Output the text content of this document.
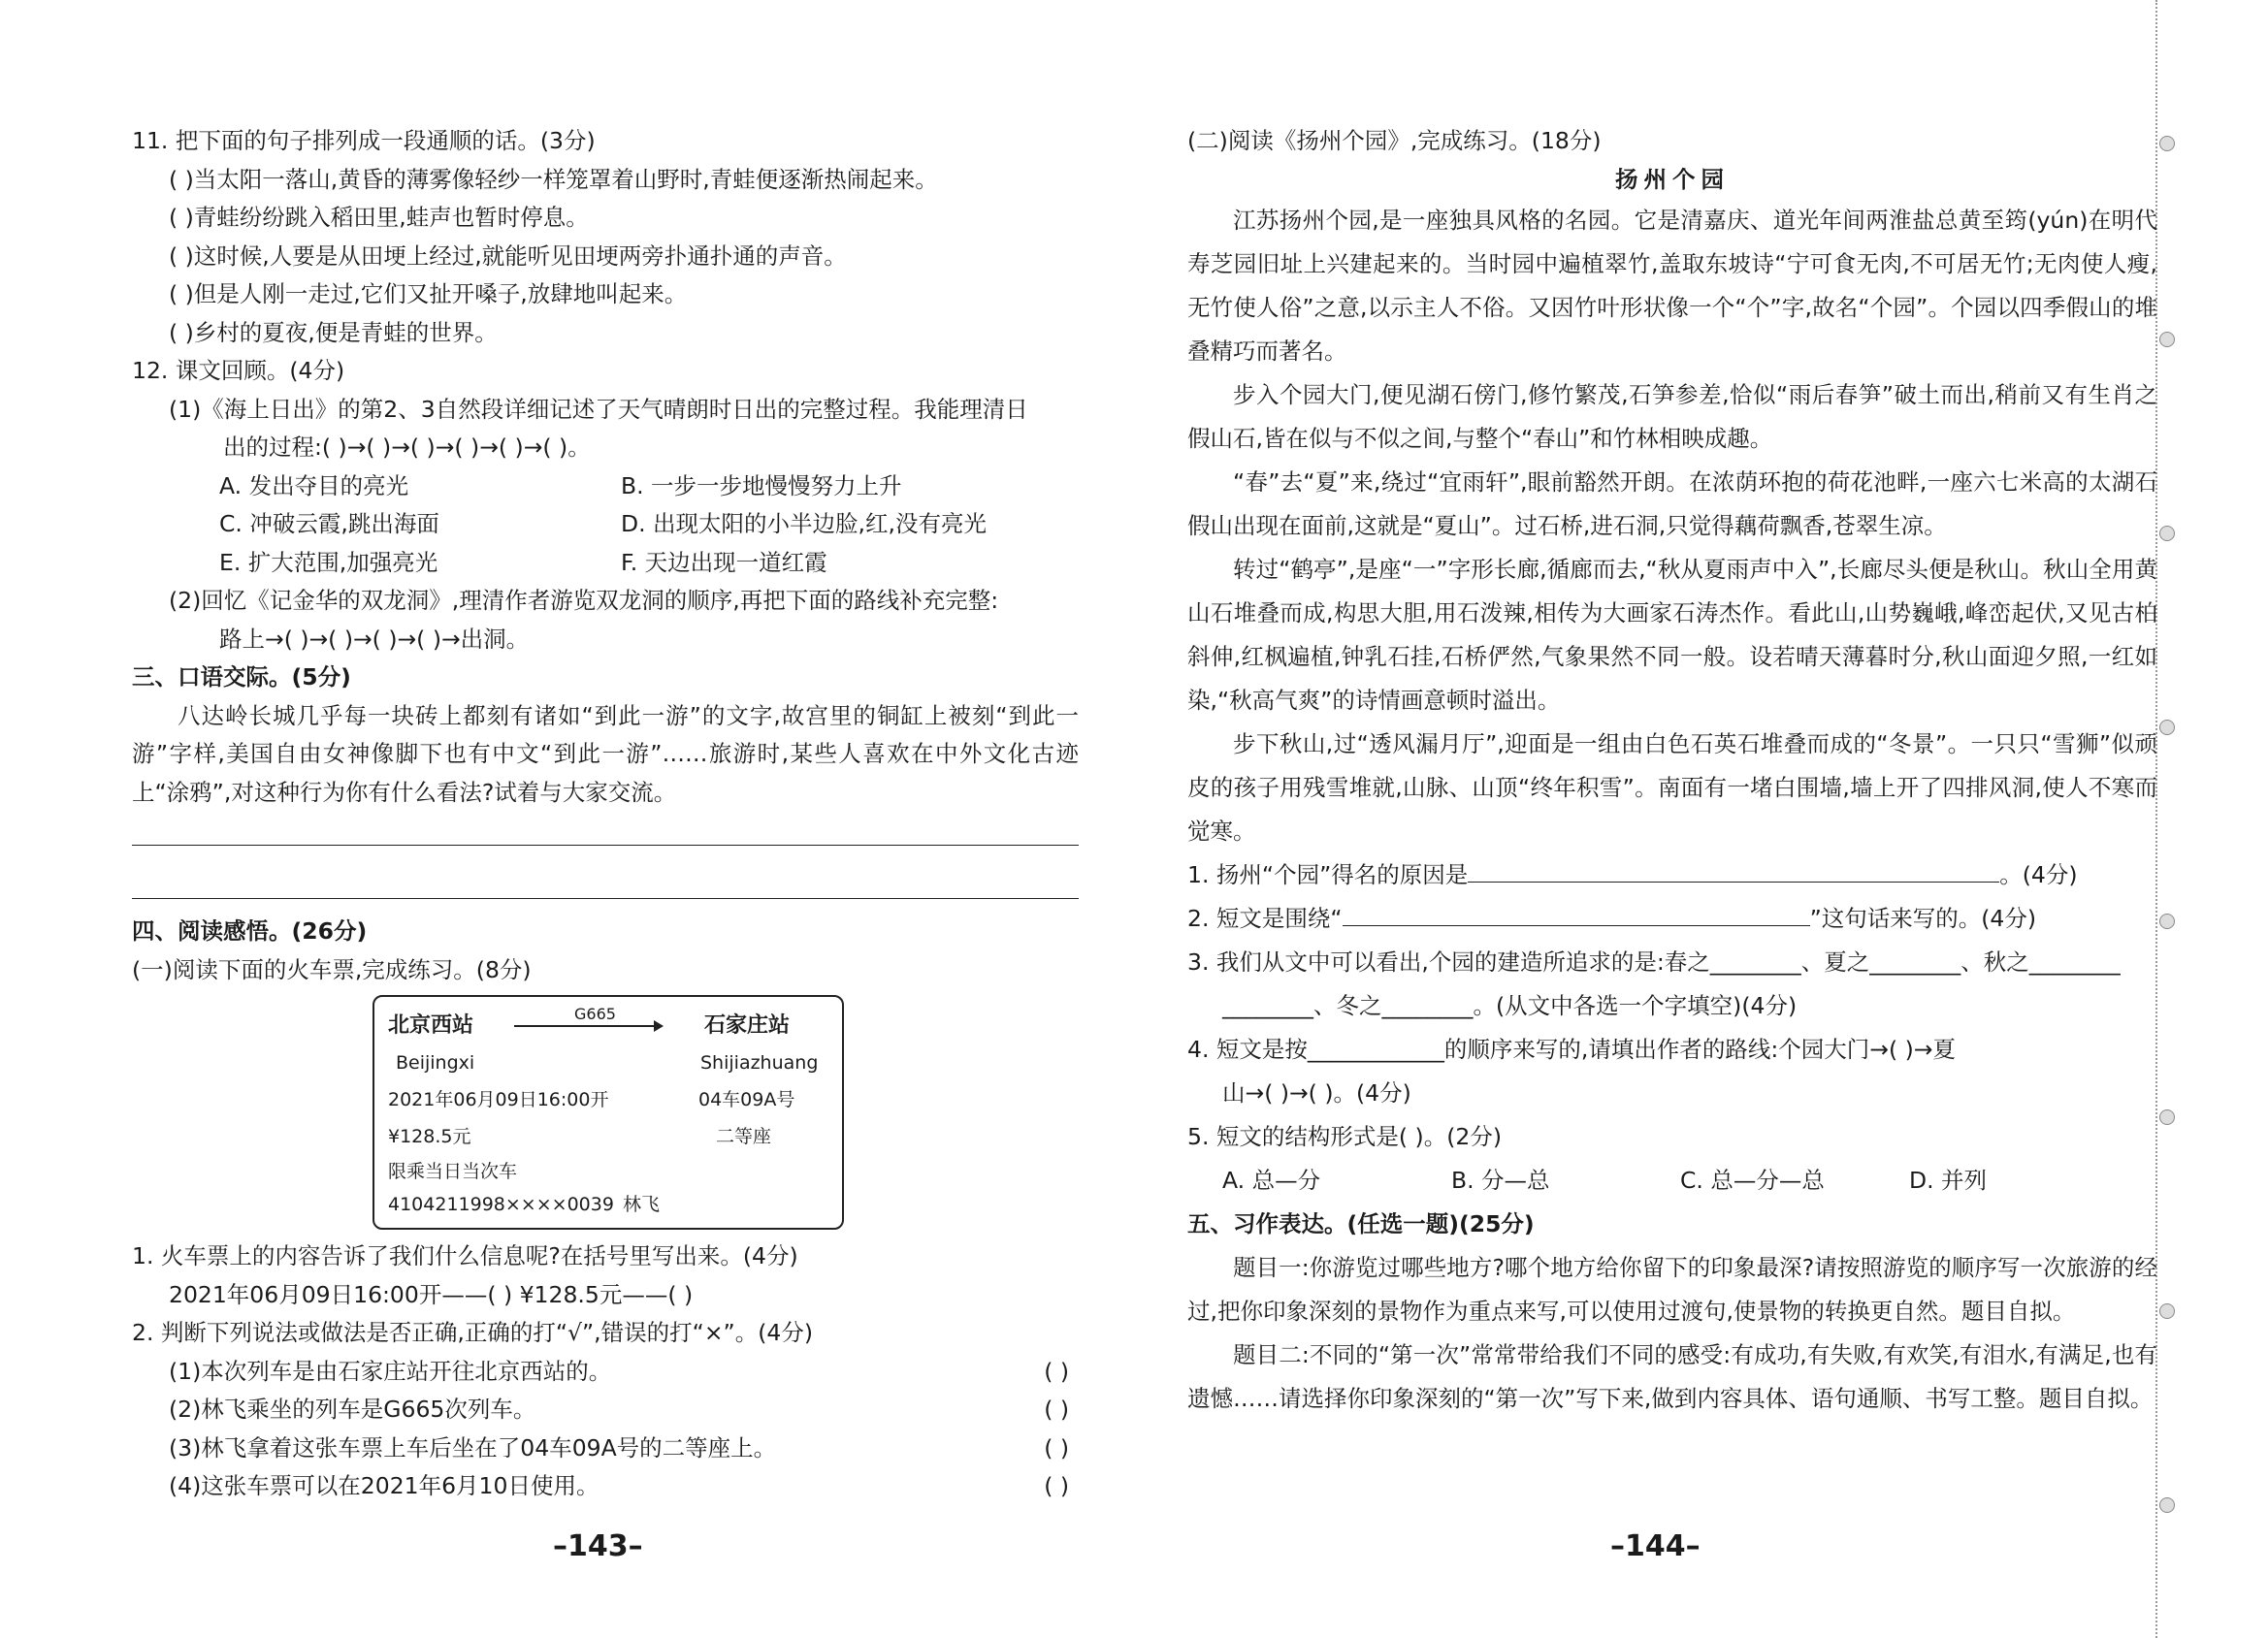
11. 把下面的句子排列成一段通顺的话。(3分)
( )当太阳一落山,黄昏的薄雾像轻纱一样笼罩着山野时,青蛙便逐渐热闹起来。
( )青蛙纷纷跳入稻田里,蛙声也暂时停息。
( )这时候,人要是从田埂上经过,就能听见田埂两旁扑通扑通的声音。
( )但是人刚一走过,它们又扯开嗓子,放肆地叫起来。
( )乡村的夏夜,便是青蛙的世界。
12. 课文回顾。(4分)
(1)《海上日出》的第2、3自然段详细记述了天气晴朗时日出的完整过程。我能理清日
出的过程:( )→( )→( )→( )→( )→( )。
A. 发出夺目的亮光	B. 一步一步地慢慢努力上升
C. 冲破云霞,跳出海面	D. 出现太阳的小半边脸,红,没有亮光
E. 扩大范围,加强亮光	F. 天边出现一道红霞
(2)回忆《记金华的双龙洞》,理清作者游览双龙洞的顺序,再把下面的路线补充完整:
路上→( )→( )→( )→( )→出洞。
三、口语交际。(5分)
八达岭长城几乎每一块砖上都刻有诸如“到此一游”的文字,故宫里的铜缸上被刻“到此一游”字样,美国自由女神像脚下也有中文“到此一游”……旅游时,某些人喜欢在中外文化古迹上“涂鸦”,对这种行为你有什么看法?试着与大家交流。
四、阅读感悟。(26分)
(一)阅读下面的火车票,完成练习。(8分)
北京西站	G665	石家庄站
Beijingxi	Shijiazhuang
2021年06月09日16:00开	04车09A号
¥128.5元	二等座
限乘当日当次车
4104211998××××0039 林飞
1. 火车票上的内容告诉了我们什么信息呢?在括号里写出来。(4分)
2021年06月09日16:00开——( ) ¥128.5元——( )
2. 判断下列说法或做法是否正确,正确的打“√”,错误的打“×”。(4分)
(1)本次列车是由石家庄站开往北京西站的。	( )
(2)林飞乘坐的列车是G665次列车。	( )
(3)林飞拿着这张车票上车后坐在了04车09A号的二等座上。	( )
(4)这张车票可以在2021年6月10日使用。	( )
–143–
(二)阅读《扬州个园》,完成练习。(18分)
扬州个园
江苏扬州个园,是一座独具风格的名园。它是清嘉庆、道光年间两淮盐总黄至筠(yún)在明代寿芝园旧址上兴建起来的。当时园中遍植翠竹,盖取东坡诗“宁可食无肉,不可居无竹;无肉使人瘦,无竹使人俗”之意,以示主人不俗。又因竹叶形状像一个“个”字,故名“个园”。个园以四季假山的堆叠精巧而著名。
步入个园大门,便见湖石傍门,修竹繁茂,石笋参差,恰似“雨后春笋”破土而出,稍前又有生肖之假山石,皆在似与不似之间,与整个“春山”和竹林相映成趣。
“春”去“夏”来,绕过“宜雨轩”,眼前豁然开朗。在浓荫环抱的荷花池畔,一座六七米高的太湖石假山出现在面前,这就是“夏山”。过石桥,进石洞,只觉得藕荷飘香,苍翠生凉。
转过“鹤亭”,是座“一”字形长廊,循廊而去,“秋从夏雨声中入”,长廊尽头便是秋山。秋山全用黄山石堆叠而成,构思大胆,用石泼辣,相传为大画家石涛杰作。看此山,山势巍峨,峰峦起伏,又见古柏斜伸,红枫遍植,钟乳石挂,石桥俨然,气象果然不同一般。设若晴天薄暮时分,秋山面迎夕照,一红如染,“秋高气爽”的诗情画意顿时溢出。
步下秋山,过“透风漏月厅”,迎面是一组由白色石英石堆叠而成的“冬景”。一只只“雪狮”似顽皮的孩子用残雪堆就,山脉、山顶“终年积雪”。南面有一堵白围墙,墙上开了四排风洞,使人不寒而觉寒。
1. 扬州“个园”得名的原因是	。(4分)
2. 短文是围绕“	”这句话来写的。(4分)
3. 我们从文中可以看出,个园的建造所追求的是:春之________、夏之________、秋之________
________、冬之________。(从文中各选一个字填空)(4分)
4. 短文是按____________的顺序来写的,请填出作者的路线:个园大门→( )→夏
山→( )→( )。(4分)
5. 短文的结构形式是( )。(2分)
A. 总—分	B. 分—总	C. 总—分—总	D. 并列
五、习作表达。(任选一题)(25分)
题目一:你游览过哪些地方?哪个地方给你留下的印象最深?请按照游览的顺序写一次旅游的经过,把你印象深刻的景物作为重点来写,可以使用过渡句,使景物的转换更自然。题目自拟。
题目二:不同的“第一次”常常带给我们不同的感受:有成功,有失败,有欢笑,有泪水,有满足,也有遗憾……请选择你印象深刻的“第一次”写下来,做到内容具体、语句通顺、书写工整。题目自拟。
–144–
